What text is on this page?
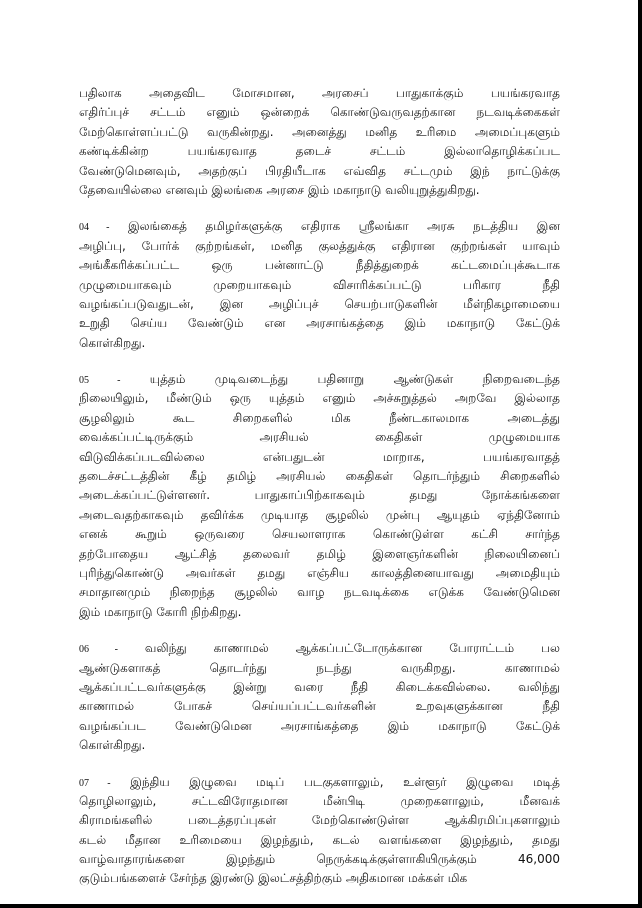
பதிலாக அதைவிட மோசமான, அரசைப் பாதுகாக்கும் பயங்கரவாத
எதிர்ப்புச் சட்டம் எனும் ஒன்றைக் கொண்டுவருவதற்கான நடவடிக்கைகள்
மேற்கொள்ளப்பட்டு வருகின்றது. அனைத்து மனித உரிமை அமைப்புகளும்
கண்டிக்கின்ற பயங்கரவாத தடைச் சட்டம் இல்லாதொழிக்கப்பட
வேண்டுமெனவும், அதற்குப் பிரதியீடாக எவ்வித சட்டமும் இந் நாட்டுக்கு
தேவையில்லை எனவும் இலங்கை அரசை இம் மகாநாடு வலியுறுத்துகிறது.
04 - இலங்கைத் தமிழர்களுக்கு எதிராக ஸ்ரீலங்கா அரசு நடத்திய இன
அழிப்பு, போர்க் குற்றங்கள், மனித குலத்துக்கு எதிரான குற்றங்கள் யாவும்
அங்கீகரிக்கப்பட்ட ஒரு பன்னாட்டு நீதித்துறைக் கட்டமைப்புக்கூடாக
முழுமையாகவும் முறையாகவும் விசாரிக்கப்பட்டு பரிகார நீதி
வழங்கப்படுவதுடன், இன அழிப்புச் செயற்பாடுகளின் மீள்நிகழாமையை
உறுதி செய்ய வேண்டும் என அரசாங்கத்தை இம் மகாநாடு கேட்டுக்
கொள்கிறது.
05 - யுத்தம் முடிவடைந்து பதினாறு ஆண்டுகள் நிறைவடைந்த
நிலையிலும், மீண்டும் ஒரு யுத்தம் எனும் அச்சுறுத்தல் அறவே இல்லாத
சூழலிலும் கூட சிறைகளில் மிக நீண்டகாலமாக அடைத்து
வைக்கப்பட்டிருக்கும் அரசியல் கைதிகள் முழுமையாக
விடுவிக்கப்படவில்லை என்பதுடன் மாறாக, பயங்கரவாதத்
தடைச்சட்டத்தின் கீழ் தமிழ் அரசியல் கைதிகள் தொடர்ந்தும் சிறைகளில்
அடைக்கப்பட்டுள்ளனர். பாதுகாப்பிற்காகவும் தமது நோக்கங்களை
அடைவதற்காகவும் தவிர்க்க முடியாத சூழலில் முன்பு ஆயுதம் ஏந்தினோம்
எனக் கூறும் ஒருவரை செயலாளராக கொண்டுள்ள கட்சி சார்ந்த
தற்போதைய ஆட்சித் தலைவர் தமிழ் இளைஞர்களின் நிலையினைப்
புரிந்துகொண்டு அவர்கள் தமது எஞ்சிய காலத்தினையாவது அமைதியும்
சமாதானமும் நிறைந்த சூழலில் வாழ நடவடிக்கை எடுக்க வேண்டுமென
இம் மகாநாடு கோரி நிற்கிறது.
06 - வலிந்து காணாமல் ஆக்கப்பட்டோருக்கான போராட்டம் பல
ஆண்டுகளாகத் தொடர்ந்து நடந்து வருகிறது. காணாமல்
ஆக்கப்பட்டவர்களுக்கு இன்று வரை நீதி கிடைக்கவில்லை. வலிந்து
காணாமல் போகச் செய்யப்பட்டவர்களின் உறவுகளுக்கான நீதி
வழங்கப்பட வேண்டுமென அரசாங்கத்தை இம் மகாநாடு கேட்டுக்
கொள்கிறது.
07 - இந்திய இழுவை மடிப் படகுகளாலும், உள்ளூர் இழுவை மடித்
தொழிலாலும், சட்டவிரோதமான மீன்பிடி முறைகளாலும், மீனவக்
கிராமங்களில் படைத்தரப்புகள் மேற்கொண்டுள்ள ஆக்கிரமிப்புகளாலும்
கடல் மீதான உரிமையை இழந்தும், கடல் வளங்களை இழந்தும், தமது
வாழ்வாதாரங்களை இழந்தும் நெருக்கடிக்குள்ளாகியிருக்கும் 46,000
குடும்பங்களைச் சேர்ந்த இரண்டு இலட்சத்திற்கும் அதிகமான மக்கள் மிக
